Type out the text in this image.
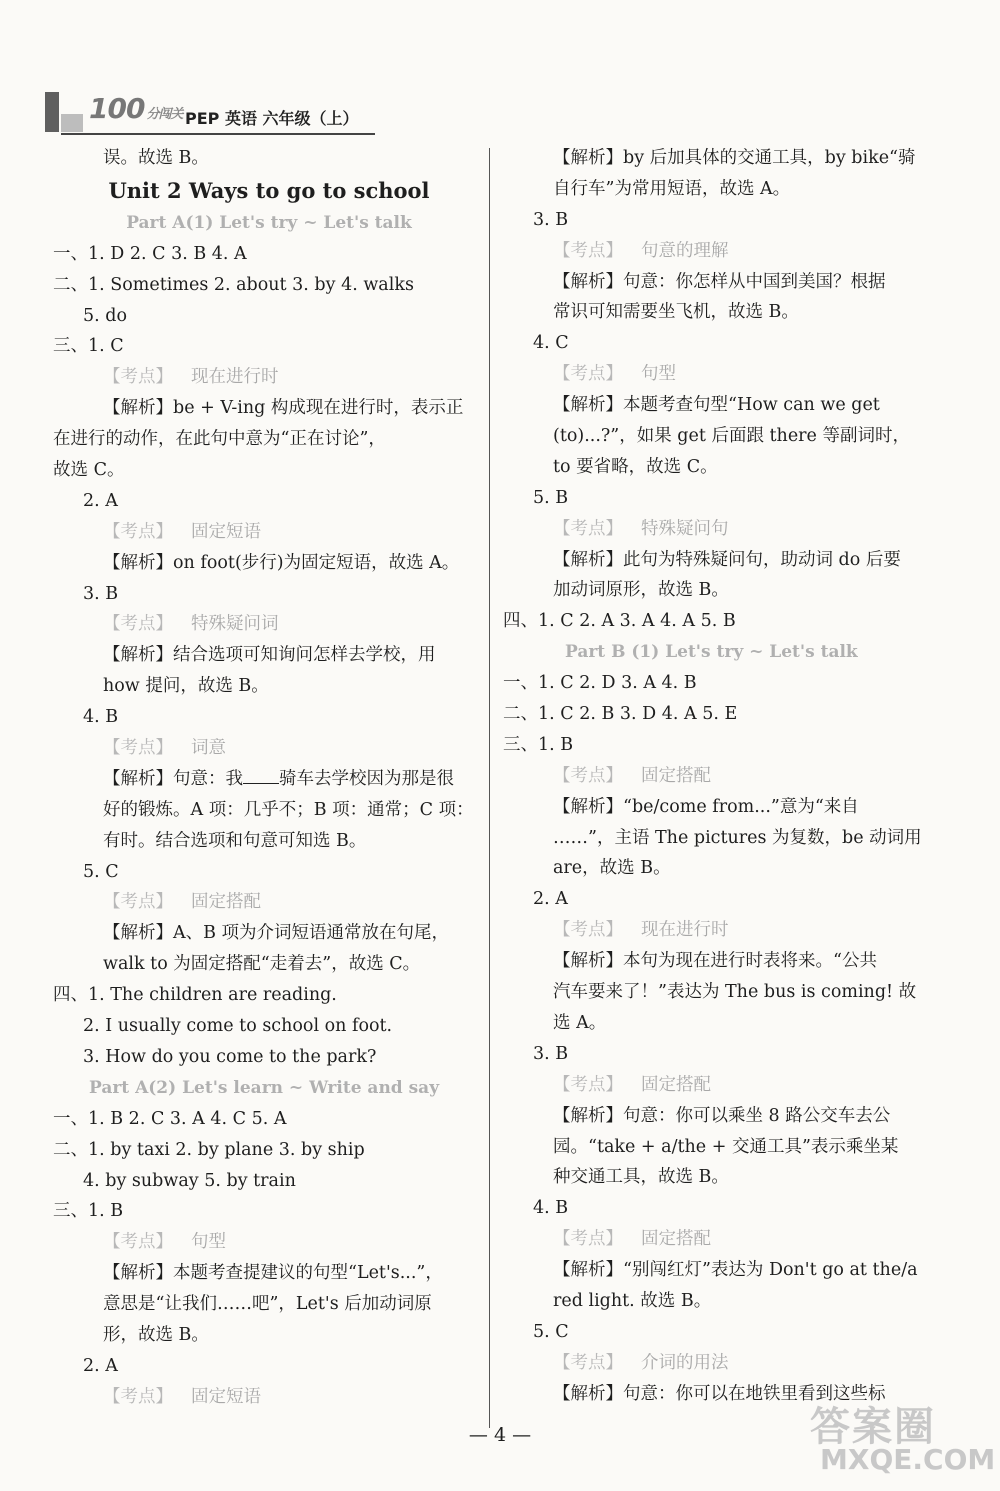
100 分闯关 PEP 英语 六年级（上）
误。故选 B。
Unit 2 Ways to go to school
Part A(1) Let's try ~ Let's talk
一、1. D 2. C 3. B 4. A
二、1. Sometimes 2. about 3. by 4. walks
5. do
三、1. C
【考点】 现在进行时
【解析】be + V-ing 构成现在进行时，表示正
在进行的动作，在此句中意为“正在讨论”，
故选 C。
2. A
【考点】 固定短语
【解析】on foot(步行)为固定短语，故选 A。
3. B
【考点】 特殊疑问词
【解析】结合选项可知询问怎样去学校，用
how 提问，故选 B。
4. B
【考点】 词意
【解析】句意：我 骑车去学校因为那是很
好的锻炼。A 项：几乎不；B 项：通常；C 项：
有时。结合选项和句意可知选 B。
5. C
【考点】 固定搭配
【解析】A、B 项为介词短语通常放在句尾，
walk to 为固定搭配“走着去”，故选 C。
四、1. The children are reading.
2. I usually come to school on foot.
3. How do you come to the park?
Part A(2) Let's learn ~ Write and say
一、1. B 2. C 3. A 4. C 5. A
二、1. by taxi 2. by plane 3. by ship
4. by subway 5. by train
三、1. B
【考点】 句型
【解析】本题考查提建议的句型“Let's...”，
意思是“让我们……吧”，Let's 后加动词原
形，故选 B。
2. A
【考点】 固定短语
【解析】by 后加具体的交通工具，by bike“骑
自行车”为常用短语，故选 A。
3. B
【考点】 句意的理解
【解析】句意：你怎样从中国到美国？根据
常识可知需要坐飞机，故选 B。
4. C
【考点】 句型
【解析】本题考查句型“How can we get
(to)...?”，如果 get 后面跟 there 等副词时，
to 要省略，故选 C。
5. B
【考点】 特殊疑问句
【解析】此句为特殊疑问句，助动词 do 后要
加动词原形，故选 B。
四、1. C 2. A 3. A 4. A 5. B
Part B (1) Let's try ~ Let's talk
一、1. C 2. D 3. A 4. B
二、1. C 2. B 3. D 4. A 5. E
三、1. B
【考点】 固定搭配
【解析】“be/come from...”意为“来自
……”，主语 The pictures 为复数，be 动词用
are，故选 B。
2. A
【考点】 现在进行时
【解析】本句为现在进行时表将来。“公共
汽车要来了！”表达为 The bus is coming! 故
选 A。
3. B
【考点】 固定搭配
【解析】句意：你可以乘坐 8 路公交车去公
园。“take + a/the + 交通工具”表示乘坐某
种交通工具，故选 B。
4. B
【考点】 固定搭配
【解析】“别闯红灯”表达为 Don't go at the/a
red light. 故选 B。
5. C
【考点】 介词的用法
【解析】句意：你可以在地铁里看到这些标
— 4 —	答案圈
MXQE.COM
